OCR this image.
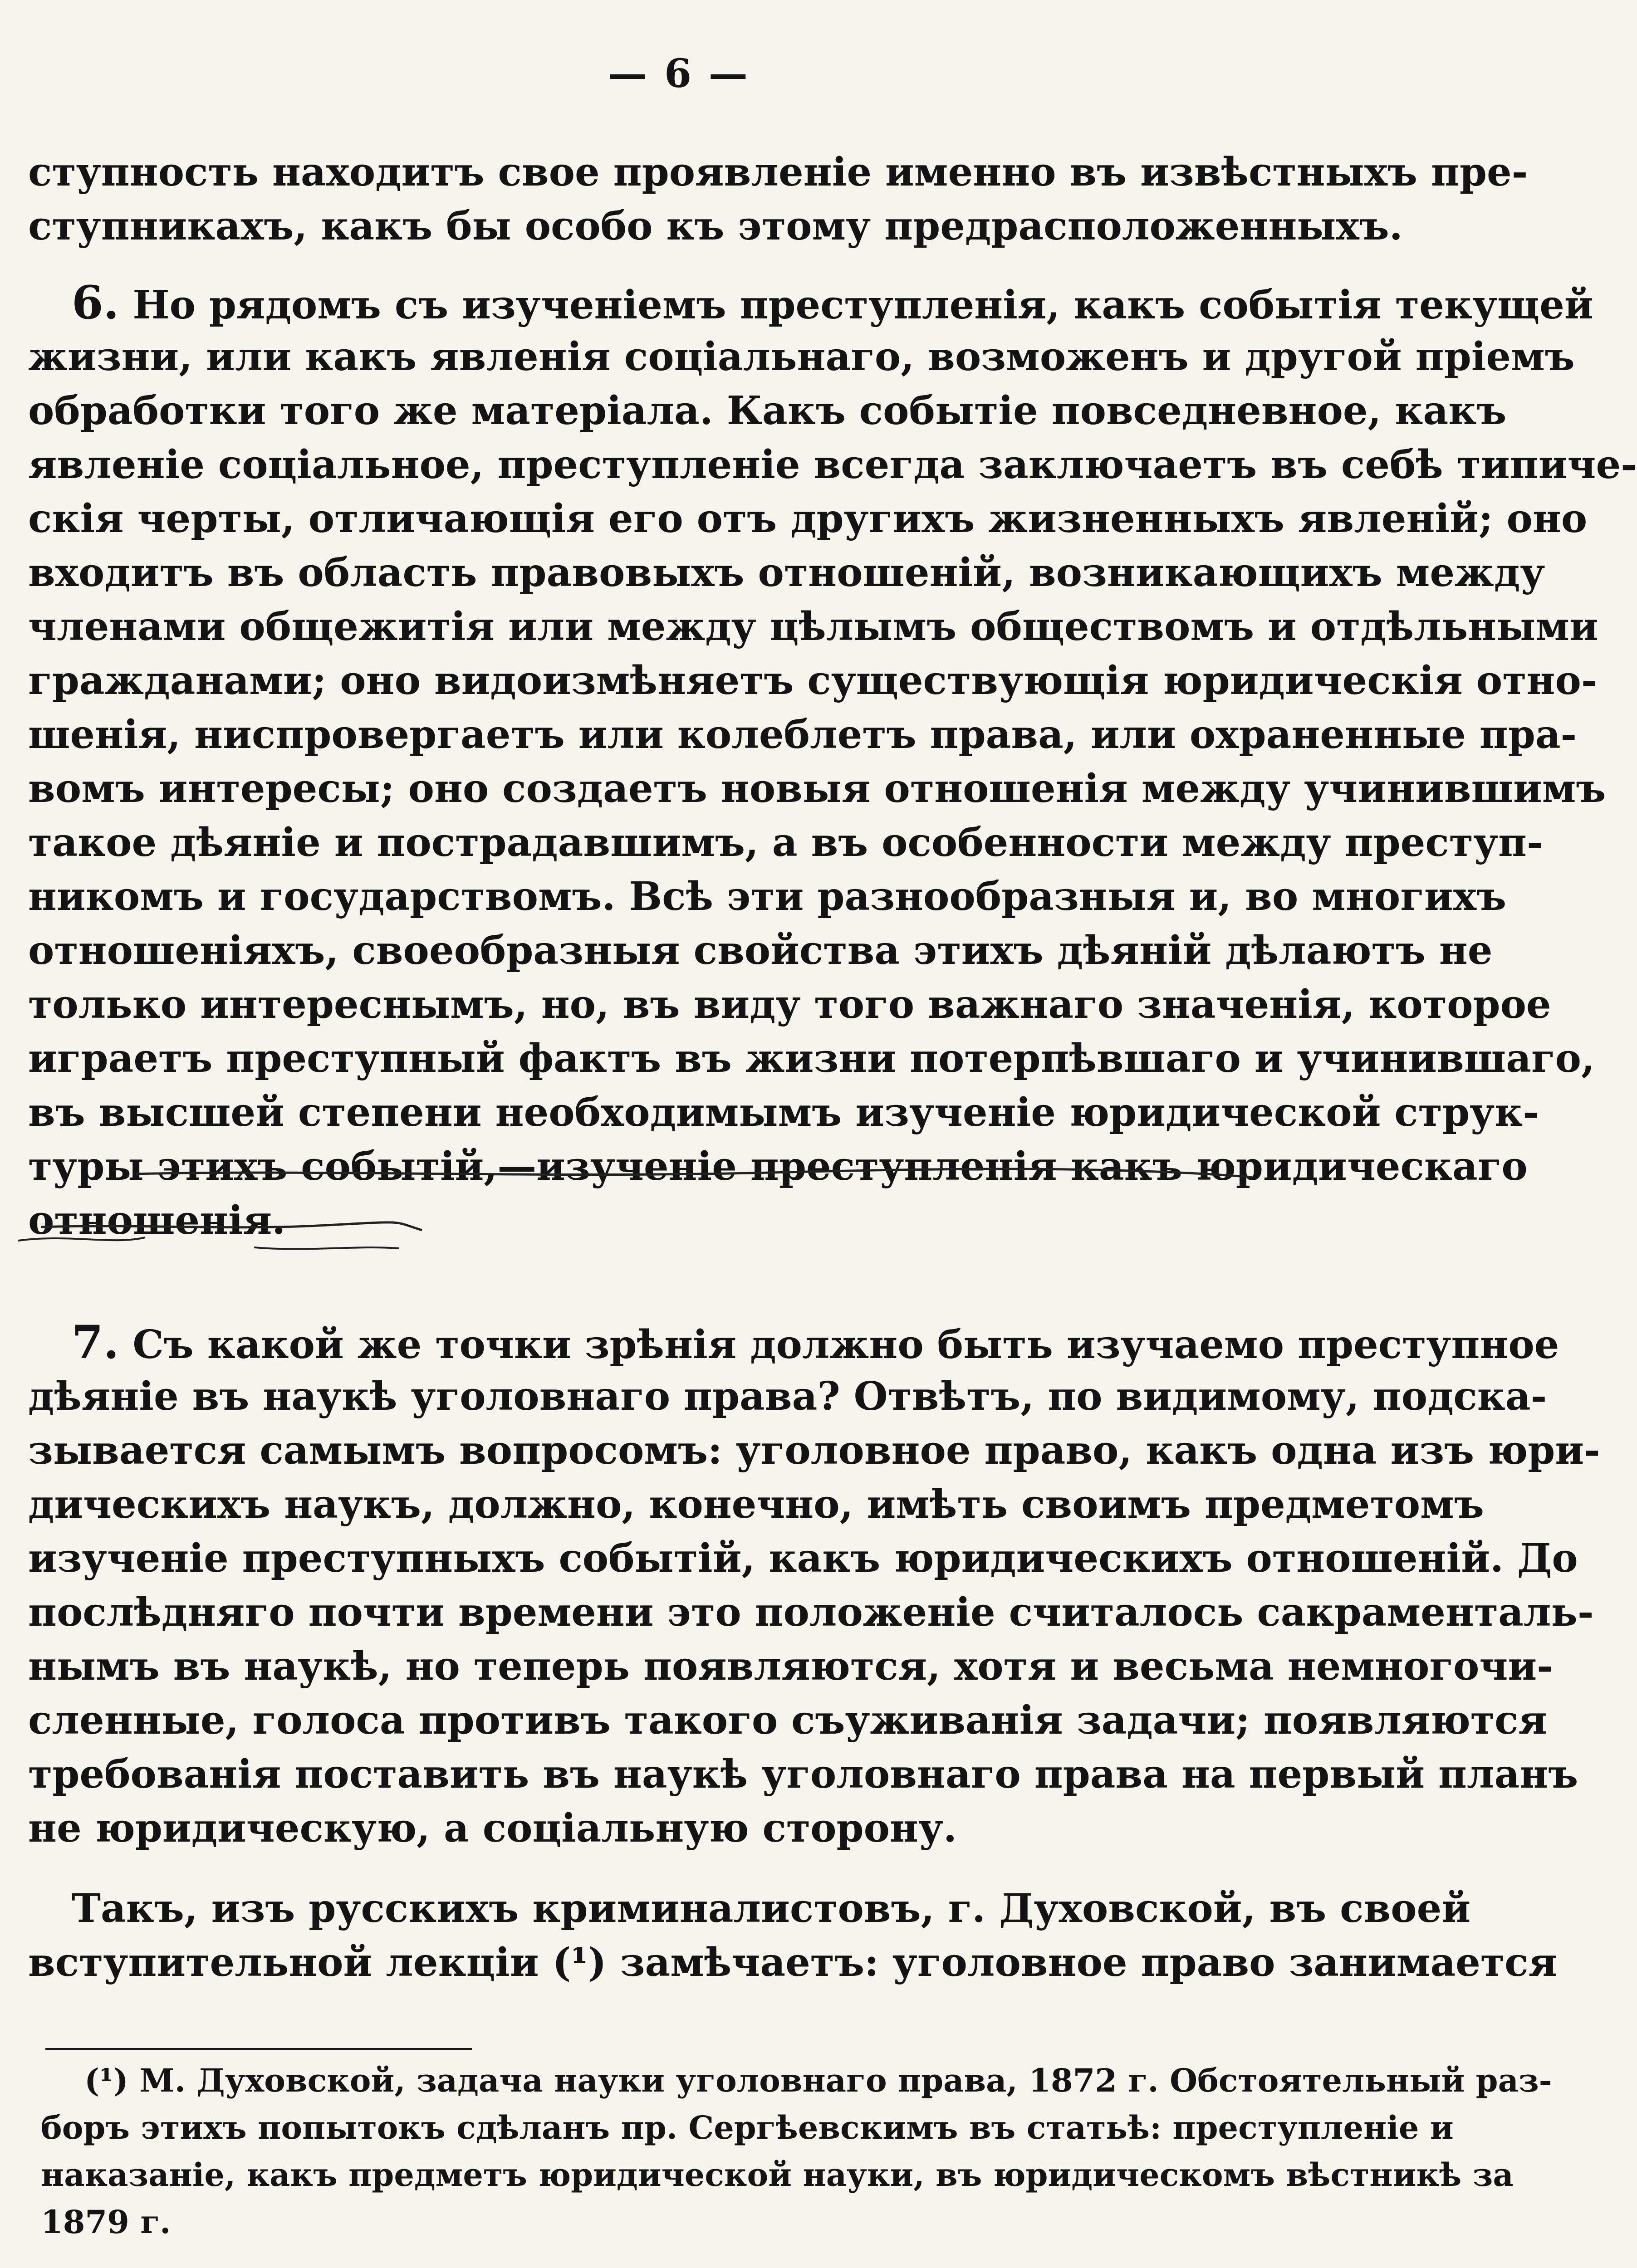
— 6 —
ступность находитъ свое проявленіе именно въ извѣстныхъ пре-
ступникахъ, какъ бы особо къ этому предрасположенныхъ.
6. Но рядомъ съ изученіемъ преступленія, какъ событія текущей
жизни, или какъ явленія соціальнаго, возможенъ и другой пріемъ
обработки того же матеріала. Какъ событіе повседневное, какъ
явленіе соціальное, преступленіе всегда заключаетъ въ себѣ типиче-
скія черты, отличающія его отъ другихъ жизненныхъ явленій; оно
входитъ въ область правовыхъ отношеній, возникающихъ между
членами общежитія или между цѣлымъ обществомъ и отдѣльными
гражданами; оно видоизмѣняетъ существующія юридическія отно-
шенія, ниспровергаетъ или колеблетъ права, или охраненные пра-
вомъ интересы; оно создаетъ новыя отношенія между учинившимъ
такое дѣяніе и пострадавшимъ, а въ особенности между преступ-
никомъ и государствомъ. Всѣ эти разнообразныя и, во многихъ
отношеніяхъ, своеобразныя свойства этихъ дѣяній дѣлаютъ не
только интереснымъ, но, въ виду того важнаго значенія, которое
играетъ преступный фактъ въ жизни потерпѣвшаго и учинившаго,
въ высшей степени необходимымъ изученіе юридической струк-
туры этихъ событій,—изученіе преступленія какъ юридическаго
отношенія.
7. Съ какой же точки зрѣнія должно быть изучаемо преступное
дѣяніе въ наукѣ уголовнаго права? Отвѣтъ, по видимому, подска-
зывается самымъ вопросомъ: уголовное право, какъ одна изъ юри-
дическихъ наукъ, должно, конечно, имѣть своимъ предметомъ
изученіе преступныхъ событій, какъ юридическихъ отношеній. До
послѣдняго почти времени это положеніе считалось сакраменталь-
нымъ въ наукѣ, но теперь появляются, хотя и весьма немногочи-
сленные, голоса противъ такого съуживанія задачи; появляются
требованія поставить въ наукѣ уголовнаго права на первый планъ
не юридическую, а соціальную сторону.
Такъ, изъ русскихъ криминалистовъ, г. Духовской, въ своей
вступительной лекціи (¹) замѣчаетъ: уголовное право занимается
(¹) М. Духовской, задача науки уголовнаго права, 1872 г. Обстоятельный раз-
боръ этихъ попытокъ сдѣланъ пр. Сергѣевскимъ въ статьѣ: преступленіе и
наказаніе, какъ предметъ юридической науки, въ юридическомъ вѣстникѣ за
1879 г.
